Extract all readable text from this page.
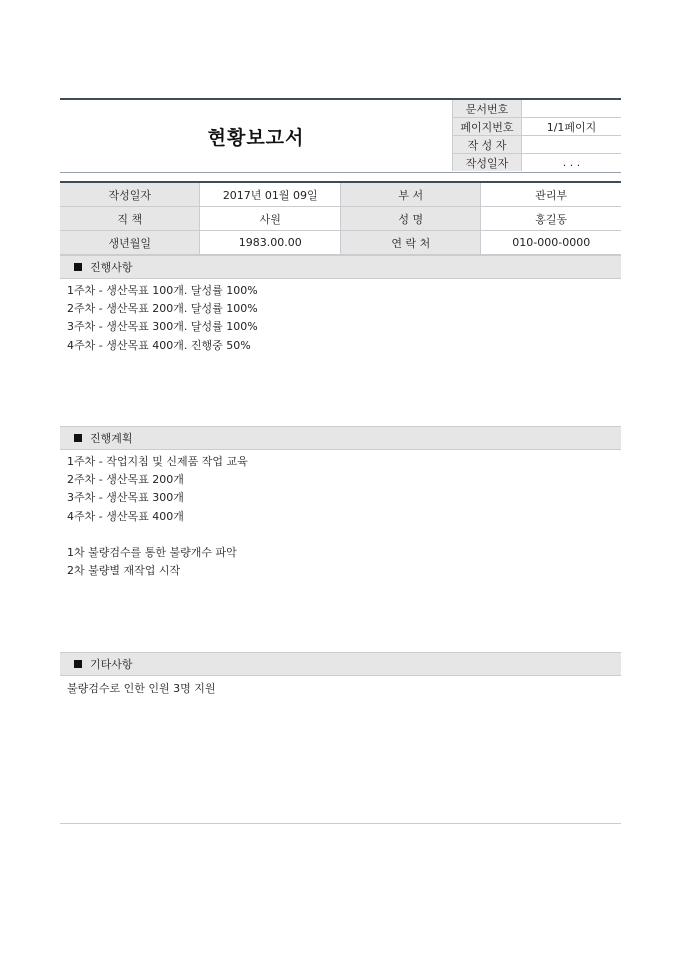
현황보고서
문서번호	
페이지번호	1/1페이지
작 성 자	
작성일자	. . .
작성일자	2017년 01월 09일	부 서	관리부
직 책	사원	성 명	홍길동
생년월일	1983.00.00	연 락 처	010-000-0000
진행사항
1주차 - 생산목표 100개. 달성률 100%
2주차 - 생산목표 200개. 달성률 100%
3주차 - 생산목표 300개. 달성률 100%
4주차 - 생산목표 400개. 진행중 50%
진행계획
1주차 - 작업지침 및 신제품 작업 교육
2주차 - 생산목표 200개
3주차 - 생산목표 300개
4주차 - 생산목표 400개
1차 불량검수를 통한 불량개수 파악
2차 불량별 재작업 시작
기타사항
불량검수로 인한 인원 3명 지원
